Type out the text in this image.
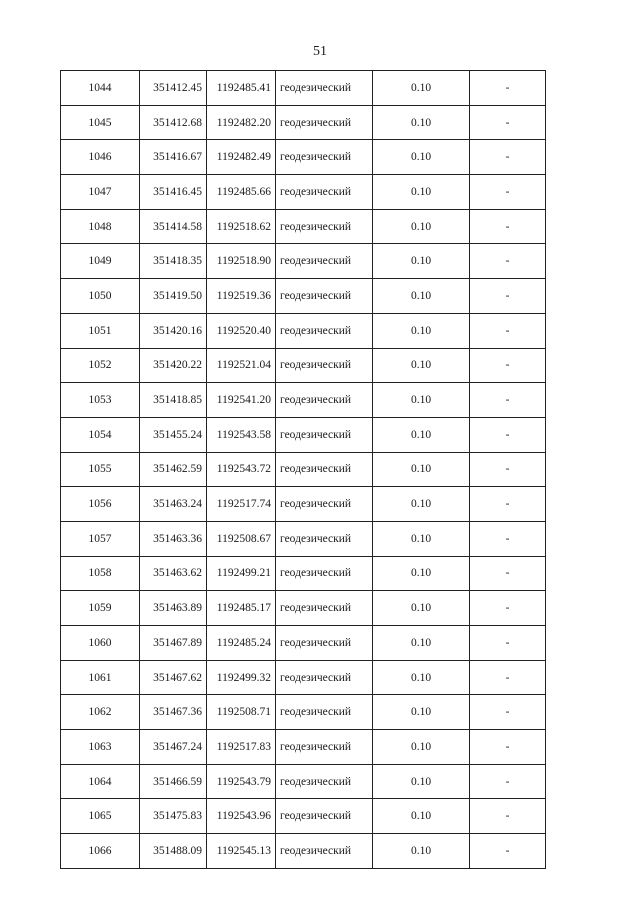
51
1044	351412.45	1192485.41	геодезический	0.10	-
1045	351412.68	1192482.20	геодезический	0.10	-
1046	351416.67	1192482.49	геодезический	0.10	-
1047	351416.45	1192485.66	геодезический	0.10	-
1048	351414.58	1192518.62	геодезический	0.10	-
1049	351418.35	1192518.90	геодезический	0.10	-
1050	351419.50	1192519.36	геодезический	0.10	-
1051	351420.16	1192520.40	геодезический	0.10	-
1052	351420.22	1192521.04	геодезический	0.10	-
1053	351418.85	1192541.20	геодезический	0.10	-
1054	351455.24	1192543.58	геодезический	0.10	-
1055	351462.59	1192543.72	геодезический	0.10	-
1056	351463.24	1192517.74	геодезический	0.10	-
1057	351463.36	1192508.67	геодезический	0.10	-
1058	351463.62	1192499.21	геодезический	0.10	-
1059	351463.89	1192485.17	геодезический	0.10	-
1060	351467.89	1192485.24	геодезический	0.10	-
1061	351467.62	1192499.32	геодезический	0.10	-
1062	351467.36	1192508.71	геодезический	0.10	-
1063	351467.24	1192517.83	геодезический	0.10	-
1064	351466.59	1192543.79	геодезический	0.10	-
1065	351475.83	1192543.96	геодезический	0.10	-
1066	351488.09	1192545.13	геодезический	0.10	-
